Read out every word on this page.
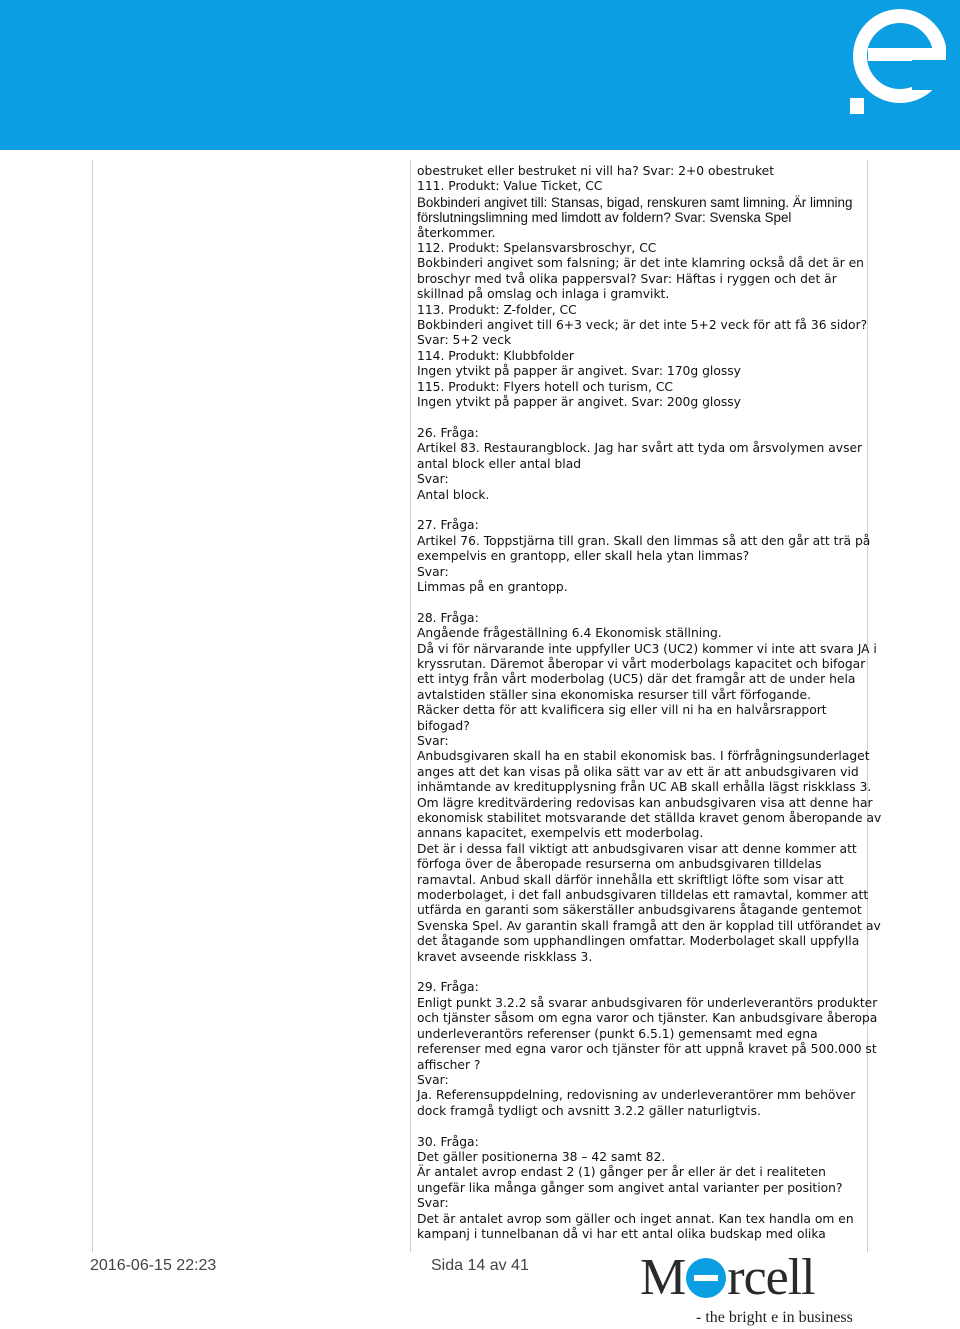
obestruket eller bestruket ni vill ha? Svar: 2+0 obestruket

111. Produkt: Value Ticket, CC

Bokbinderi angivet till: Stansas, bigad, renskuren samt limning. Är limning

förslutningslimning med limdott av foldern? Svar: Svenska Spel

återkommer.

112. Produkt: Spelansvarsbroschyr, CC

Bokbinderi angivet som falsning; är det inte klamring också då det är en

broschyr med två olika pappersval? Svar: Häftas i ryggen och det är

skillnad på omslag och inlaga i gramvikt.

113. Produkt: Z-folder, CC

Bokbinderi angivet till 6+3 veck; är det inte 5+2 veck för att få 36 sidor?

Svar: 5+2 veck

114. Produkt: Klubbfolder

Ingen ytvikt på papper är angivet. Svar: 170g glossy

115. Produkt: Flyers hotell och turism, CC

Ingen ytvikt på papper är angivet. Svar: 200g glossy

26. Fråga:

Artikel 83. Restaurangblock. Jag har svårt att tyda om årsvolymen avser

antal block eller antal blad

Svar:

Antal block.

27. Fråga:

Artikel 76. Toppstjärna till gran. Skall den limmas så att den går att trä på

exempelvis en grantopp, eller skall hela ytan limmas?

Svar:

Limmas på en grantopp.

28. Fråga:

Angående frågeställning 6.4 Ekonomisk ställning.

Då vi för närvarande inte uppfyller UC3 (UC2) kommer vi inte att svara JA i

kryssrutan. Däremot åberopar vi vårt moderbolags kapacitet och bifogar

ett intyg från vårt moderbolag (UC5) där det framgår att de under hela

avtalstiden ställer sina ekonomiska resurser till vårt förfogande.

Räcker detta för att kvalificera sig eller vill ni ha en halvårsrapport

bifogad?

Svar:

Anbudsgivaren skall ha en stabil ekonomisk bas. I förfrågningsunderlaget

anges att det kan visas på olika sätt var av ett är att anbudsgivaren vid

inhämtande av kreditupplysning från UC AB skall erhålla lägst riskklass 3.

Om lägre kreditvärdering redovisas kan anbudsgivaren visa att denne har

ekonomisk stabilitet motsvarande det ställda kravet genom åberopande av

annans kapacitet, exempelvis ett moderbolag.

Det är i dessa fall viktigt att anbudsgivaren visar att denne kommer att

förfoga över de åberopade resurserna om anbudsgivaren tilldelas

ramavtal. Anbud skall därför innehålla ett skriftligt löfte som visar att

moderbolaget, i det fall anbudsgivaren tilldelas ett ramavtal, kommer att

utfärda en garanti som säkerställer anbudsgivarens åtagande gentemot

Svenska Spel. Av garantin skall framgå att den är kopplad till utförandet av

det åtagande som upphandlingen omfattar. Moderbolaget skall uppfylla

kravet avseende riskklass 3.

29. Fråga:

Enligt punkt 3.2.2 så svarar anbudsgivaren för underleverantörs produkter

och tjänster såsom om egna varor och tjänster. Kan anbudsgivare åberopa

underleverantörs referenser (punkt 6.5.1) gemensamt med egna

referenser med egna varor och tjänster för att uppnå kravet på 500.000 st

affischer ?

Svar:

Ja. Referensuppdelning, redovisning av underleverantörer mm behöver

dock framgå tydligt och avsnitt 3.2.2 gäller naturligtvis.

30. Fråga:

Det gäller positionerna 38 – 42 samt 82.

Är antalet avrop endast 2 (1) gånger per år eller är det i realiteten

ungefär lika många gånger som angivet antal varianter per position?

Svar:

Det är antalet avrop som gäller och inget annat. Kan tex handla om en

kampanj i tunnelbanan då vi har ett antal olika budskap med olika

2016-06-15 22:23	Sida 14 av 41 M rcell
- the bright e in business
